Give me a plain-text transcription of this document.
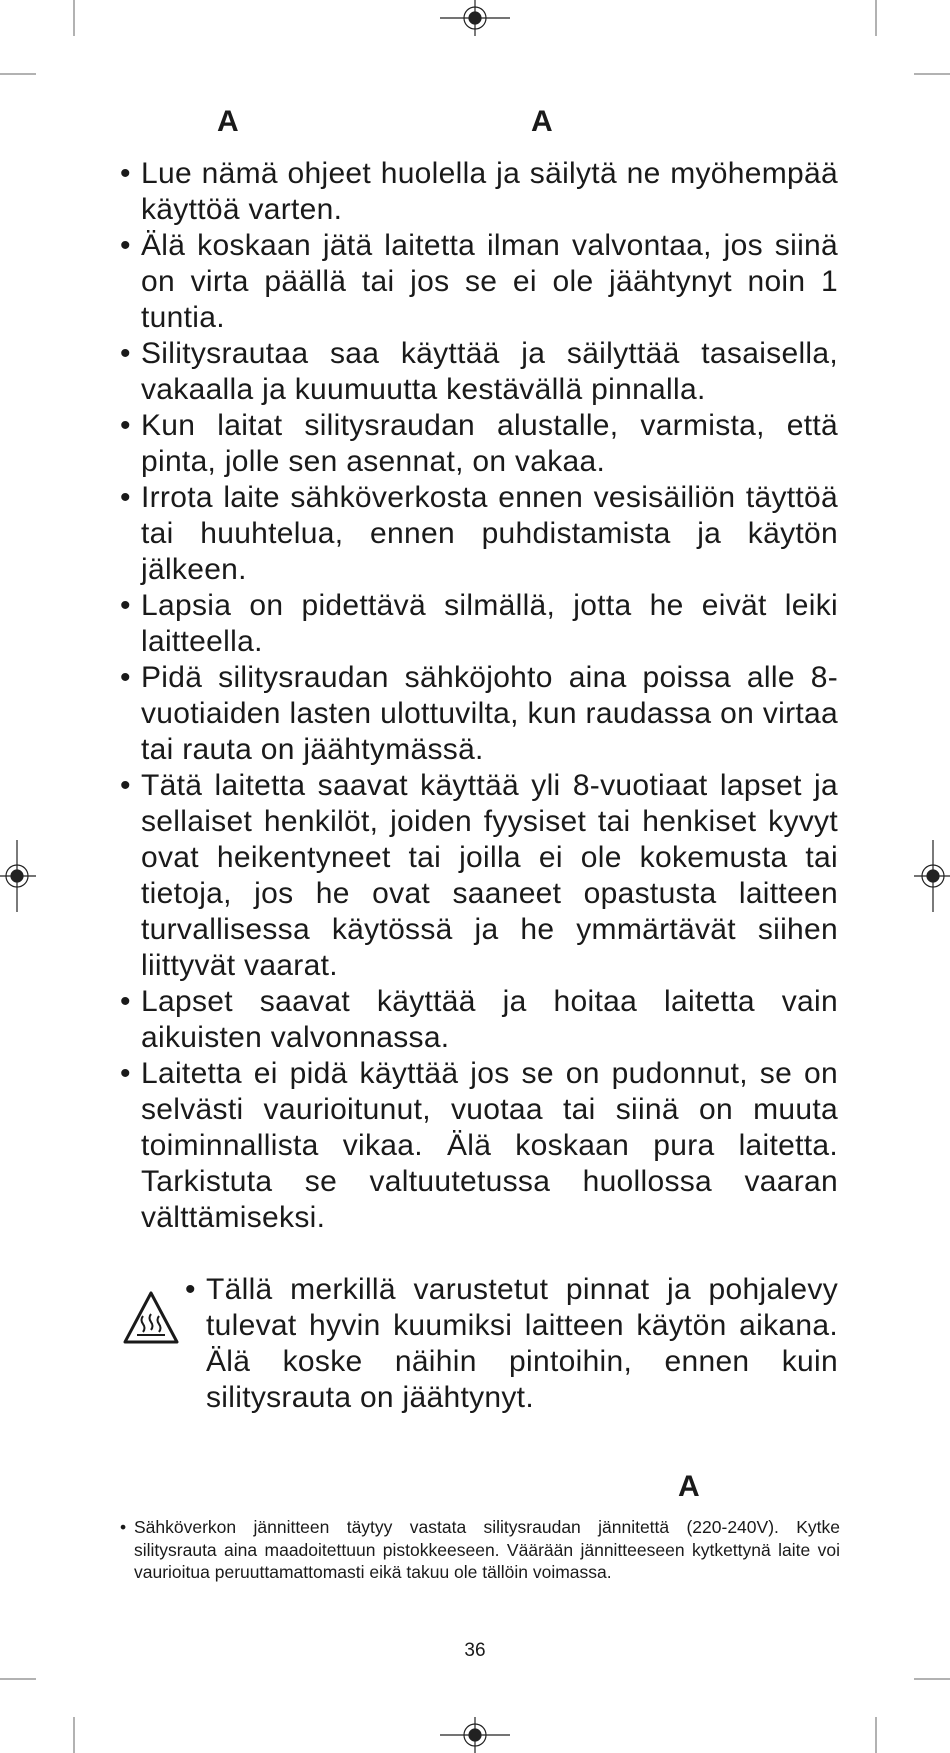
A	A
• Lue nämä ohjeet huolella ja säilytä ne myöhempää käyttöä varten.
• Älä koskaan jätä laitetta ilman valvontaa, jos siinä on virta päällä tai jos se ei ole jäähtynyt noin 1 tuntia.
• Silitysrautaa saa käyttää ja säilyttää tasaisella, vakaalla ja kuumuutta kestävällä pinnalla.
• Kun laitat silitysraudan alustalle, varmista, että pinta, jolle sen asennat, on vakaa.
• Irrota laite sähköverkosta ennen vesisäiliön täyttöä tai huuhtelua, ennen puhdistamista ja käytön jälkeen.
• Lapsia on pidettävä silmällä, jotta he eivät leiki laitteella.
• Pidä silitysraudan sähköjohto aina poissa alle 8-vuotiaiden lasten ulottuvilta, kun raudassa on virtaa tai rauta on jäähtymässä.
• Tätä laitetta saavat käyttää yli 8-vuotiaat lapset ja sellaiset henkilöt, joiden fyysiset tai henkiset kyvyt ovat heikentyneet tai joilla ei ole kokemusta tai tietoja, jos he ovat saaneet opastusta laitteen turvallisessa käytössä ja he ymmärtävät siihen liittyvät vaarat.
• Lapset saavat käyttää ja hoitaa laitetta vain aikuisten valvonnassa.
• Laitetta ei pidä käyttää jos se on pudonnut, se on selvästi vaurioitunut, vuotaa tai siinä on muuta toiminnallista vikaa. Älä koskaan pura laitetta. Tarkistuta se valtuutetussa huollossa vaaran välttämiseksi.
• Tällä merkillä varustetut pinnat ja pohjalevy tulevat hyvin kuumiksi laitteen käytön aikana. Älä koske näihin pintoihin, ennen kuin silitysrauta on jäähtynyt.
A
• Sähköverkon jännitteen täytyy vastata silitysraudan jännitettä (220-240V). Kytke silitysrauta aina maadoitettuun pistokkeeseen. Väärään jännitteeseen kytkettynä laite voi vaurioitua peruuttamattomasti eikä takuu ole tällöin voimassa.
36
